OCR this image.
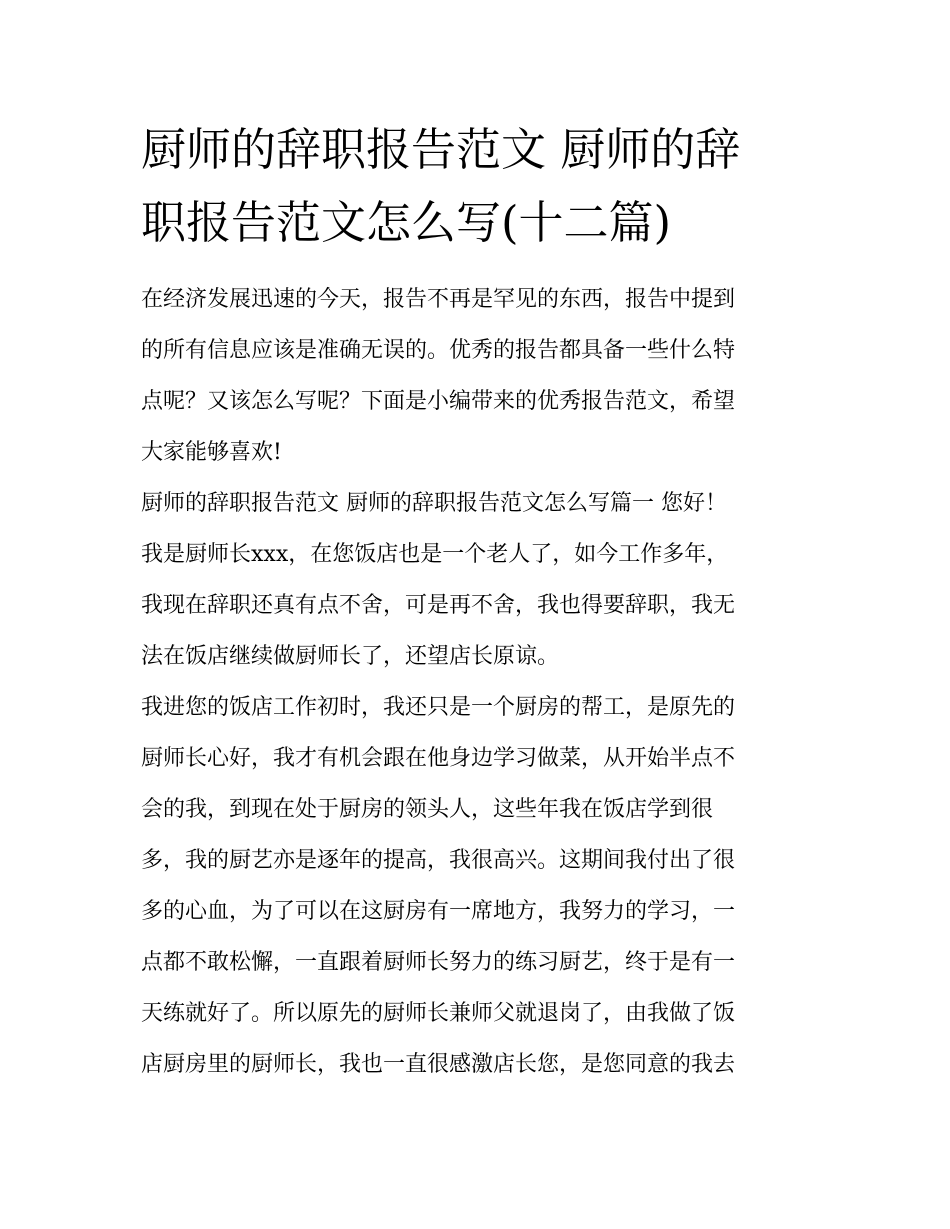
厨师的辞职报告范文 厨师的辞
职报告范文怎么写(十二篇)
在经济发展迅速的今天，报告不再是罕见的东西，报告中提到
的所有信息应该是准确无误的。优秀的报告都具备一些什么特
点呢？又该怎么写呢？下面是小编带来的优秀报告范文，希望
大家能够喜欢!
厨师的辞职报告范文 厨师的辞职报告范文怎么写篇一 您好！
我是厨师长xxx，在您饭店也是一个老人了，如今工作多年，
我现在辞职还真有点不舍，可是再不舍，我也得要辞职，我无
法在饭店继续做厨师长了，还望店长原谅。
我进您的饭店工作初时，我还只是一个厨房的帮工，是原先的
厨师长心好，我才有机会跟在他身边学习做菜，从开始半点不
会的我，到现在处于厨房的领头人，这些年我在饭店学到很
多，我的厨艺亦是逐年的提高，我很高兴。这期间我付出了很
多的心血，为了可以在这厨房有一席地方，我努力的学习，一
点都不敢松懈，一直跟着厨师长努力的练习厨艺，终于是有一
天练就好了。所以原先的厨师长兼师父就退岗了，由我做了饭
店厨房里的厨师长，我也一直很感激店长您，是您同意的我去
